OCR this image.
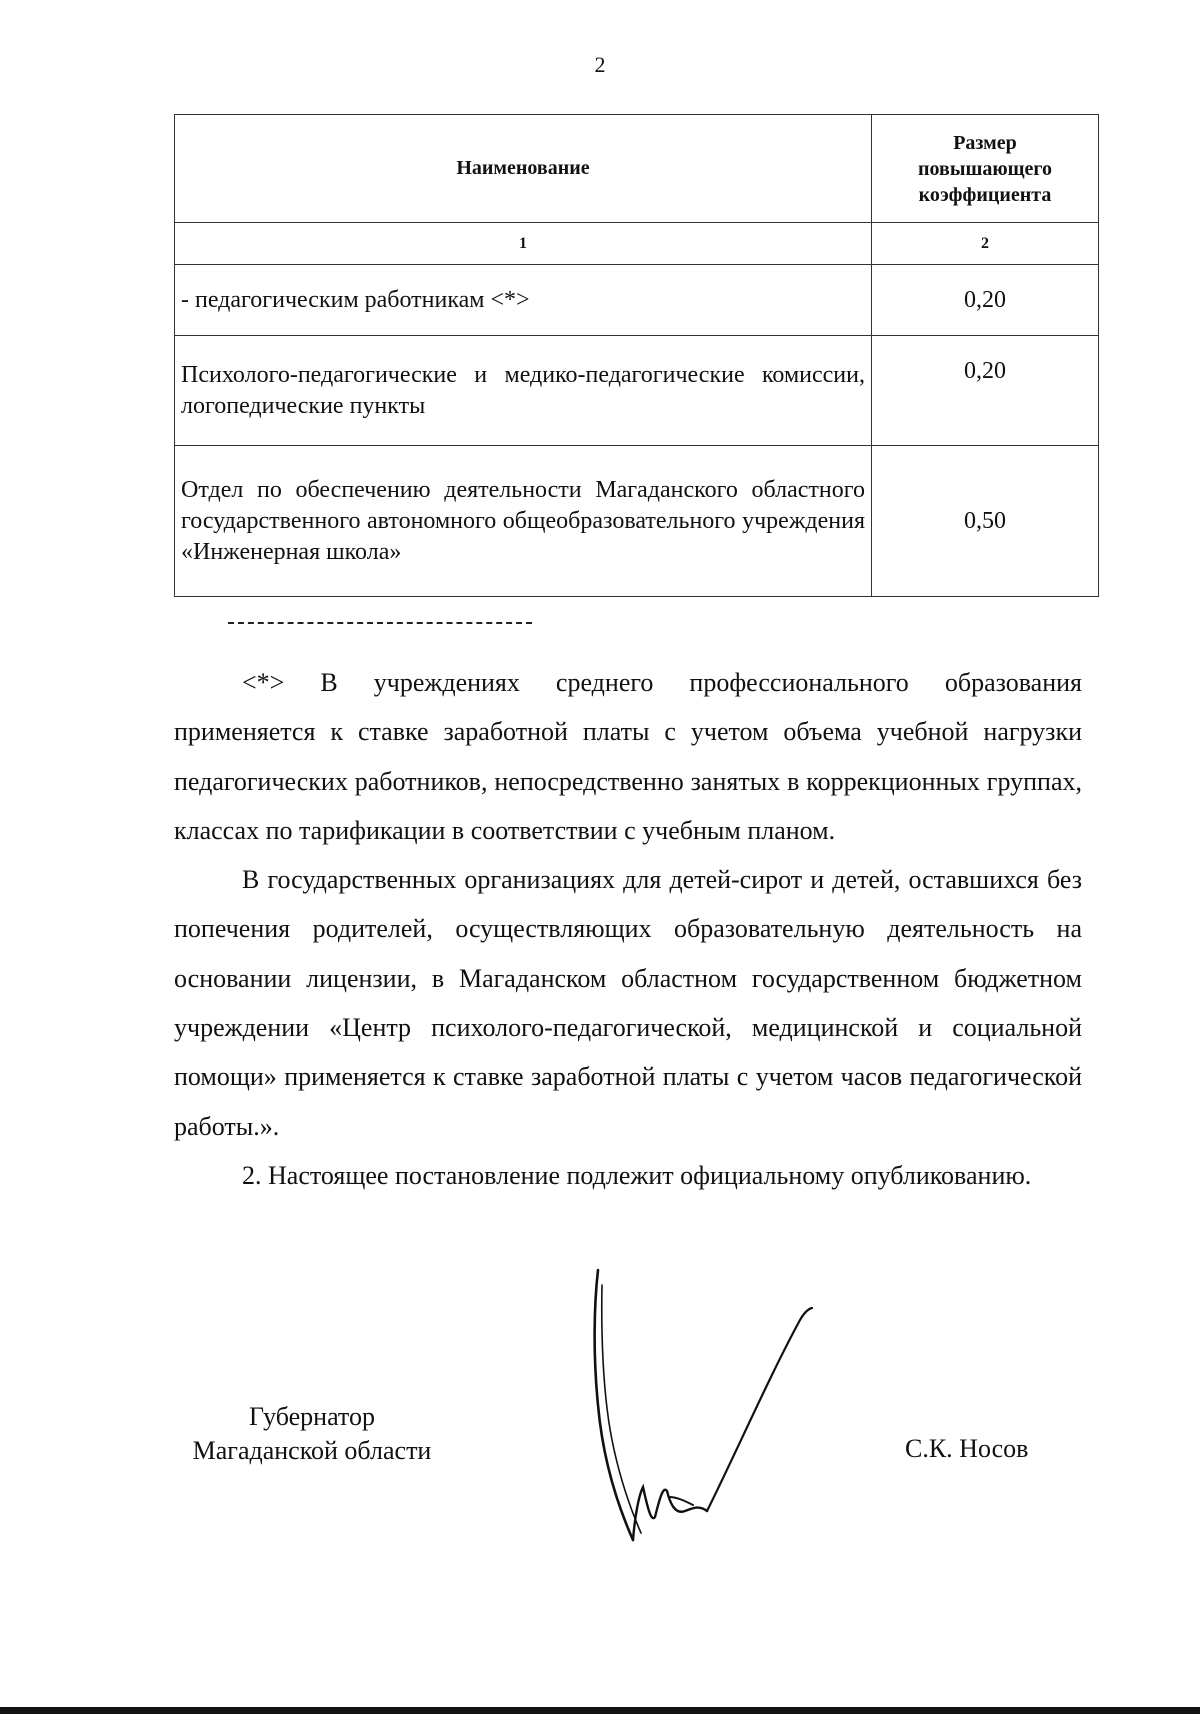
2
Наименование	Размер
повышающего
коэффициента

1	2
- педагогическим работникам <*>	0,20
Психолого-педагогические и медико-педагогические комиссии, логопедические пункты	0,20
Отдел по обеспечению деятельности Магаданского областного государственного автономного общеобразовательного учреждения «Инженерная школа»	0,50

<*> В учреждениях среднего профессионального образования применяется к ставке заработной платы с учетом объема учебной нагрузки педагогических работников, непосредственно занятых в коррекционных группах, классах по тарификации в соответствии с учебным планом.

В государственных организациях для детей-сирот и детей, оставшихся без попечения родителей, осуществляющих образовательную деятельность на основании лицензии, в Магаданском областном государственном бюджетном учреждении «Центр психолого-педагогической, медицинской и социальной помощи» применяется к ставке заработной платы с учетом часов педагогической работы.».

2. Настоящее постановление подлежит официальному опубликованию.

Губернатор
Магаданской области	С.К. Носов
